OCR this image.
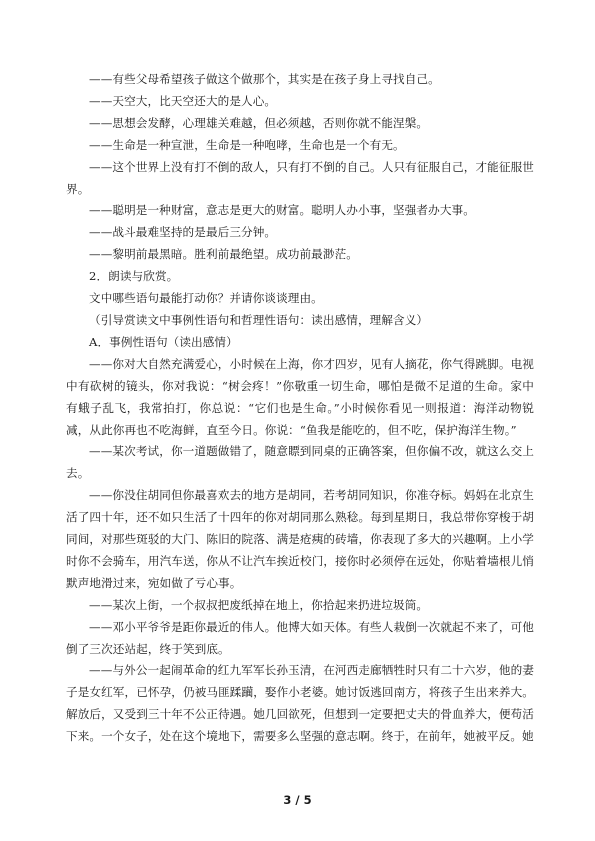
——有些父母希望孩子做这个做那个，其实是在孩子身上寻找自己。

——天空大，比天空还大的是人心。

——思想会发酵，心理雄关难越，但必须越，否则你就不能涅槃。

——生命是一种宣泄，生命是一种咆哮，生命也是一个有无。

——这个世界上没有打不倒的敌人，只有打不倒的自己。人只有征服自己，才能征服世界。

——聪明是一种财富，意志是更大的财富。聪明人办小事，坚强者办大事。

——战斗最难坚持的是最后三分钟。

——黎明前最黑暗。胜利前最绝望。成功前最渺茫。

2．朗读与欣赏。

文中哪些语句最能打动你？并请你谈谈理由。

（引导赏读文中事例性语句和哲理性语句：读出感情，理解含义）

A．事例性语句（读出感情）

——你对大自然充满爱心，小时候在上海，你才四岁，见有人摘花，你气得跳脚。电视中有砍树的镜头，你对我说：“树会疼！”你敬重一切生命，哪怕是微不足道的生命。家中有蛾子乱飞，我常拍打，你总说：“它们也是生命。”小时候你看见一则报道：海洋动物锐减，从此你再也不吃海鲜，直至今日。你说：“鱼我是能吃的，但不吃，保护海洋生物。”

——某次考试，你一道题做错了，随意瞟到同桌的正确答案，但你偏不改，就这么交上去。

——你没住胡同但你最喜欢去的地方是胡同，若考胡同知识，你准夺标。妈妈在北京生活了四十年，还不如只生活了十四年的你对胡同那么熟稔。每到星期日，我总带你穿梭于胡同间，对那些斑驳的大门、陈旧的院落、满是疮痍的砖墙，你表现了多大的兴趣啊。上小学时你不会骑车，用汽车送，你从不让汽车挨近校门，接你时必须停在远处，你贴着墙根儿悄默声地滑过来，宛如做了亏心事。

——某次上街，一个叔叔把废纸掉在地上，你拾起来扔进垃圾筒。

——邓小平爷爷是距你最近的伟人。他博大如天体。有些人栽倒一次就起不来了，可他倒了三次还站起，终于笑到底。

——与外公一起闹革命的红九军军长孙玉清，在河西走廊牺牲时只有二十六岁，他的妻子是女红军，已怀孕，仍被马匪蹂躏，娶作小老婆。她讨饭逃回南方，将孩子生出来养大。解放后，又受到三十年不公正待遇。她几回欲死，但想到一定要把丈夫的骨血养大，便苟活下来。一个女子，处在这个境地下，需要多么坚强的意志啊。终于，在前年，她被平反。她

3 / 5
